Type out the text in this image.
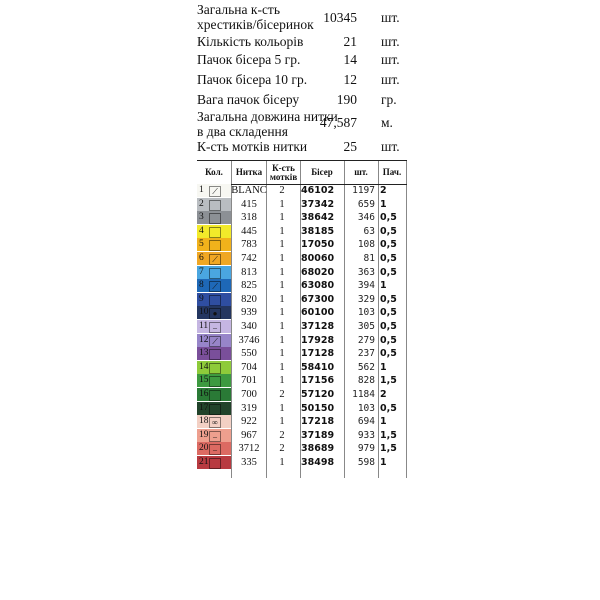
Загальна к-сть хрестиків/бісеринок 10345 шт.
Кількість кольорів	21 шт.
Пачок бісера 5 гр.	14 шт.
Пачок бісера 10 гр.	12 шт.
Вага пачок бісеру	190 гр.
Загальна довжина нитки в два складення
47,587 м.
К-сть мотків нитки	25 шт.
Кол.	Нитка	К-сть мотків	Бісер	шт.	Пач.
1	⟋	BLANC	2	46102	1197 2
2	415	1	37342	659 1
3	318	1	38642	346 0,5
4	445	1	38185	63 0,5
5	783	1	17050	108 0,5
6	⟋	742	1	80060	81 0,5
7	813	1	68020	363 0,5
8	⟋	825	1	63080	394 1
9	820	1	67300	329 0,5
10 ●	939	1	60100	103 0,5
11 –	340	1	37128	305 0,5
12 ⟋	3746	1	17928	279 0,5
13	550	1	17128	237 0,5
14	704	1	58410	562 1
15	701	1	17156	828 1,5
16	700	2	57120	1184 2
17	319	1	50150	103 0,5
18 ∞	922	1	17218	694 1
19 –	967	2	37189	933 1,5
20 –	3712	2	38689	979 1,5
21	335	1	38498	598 1
